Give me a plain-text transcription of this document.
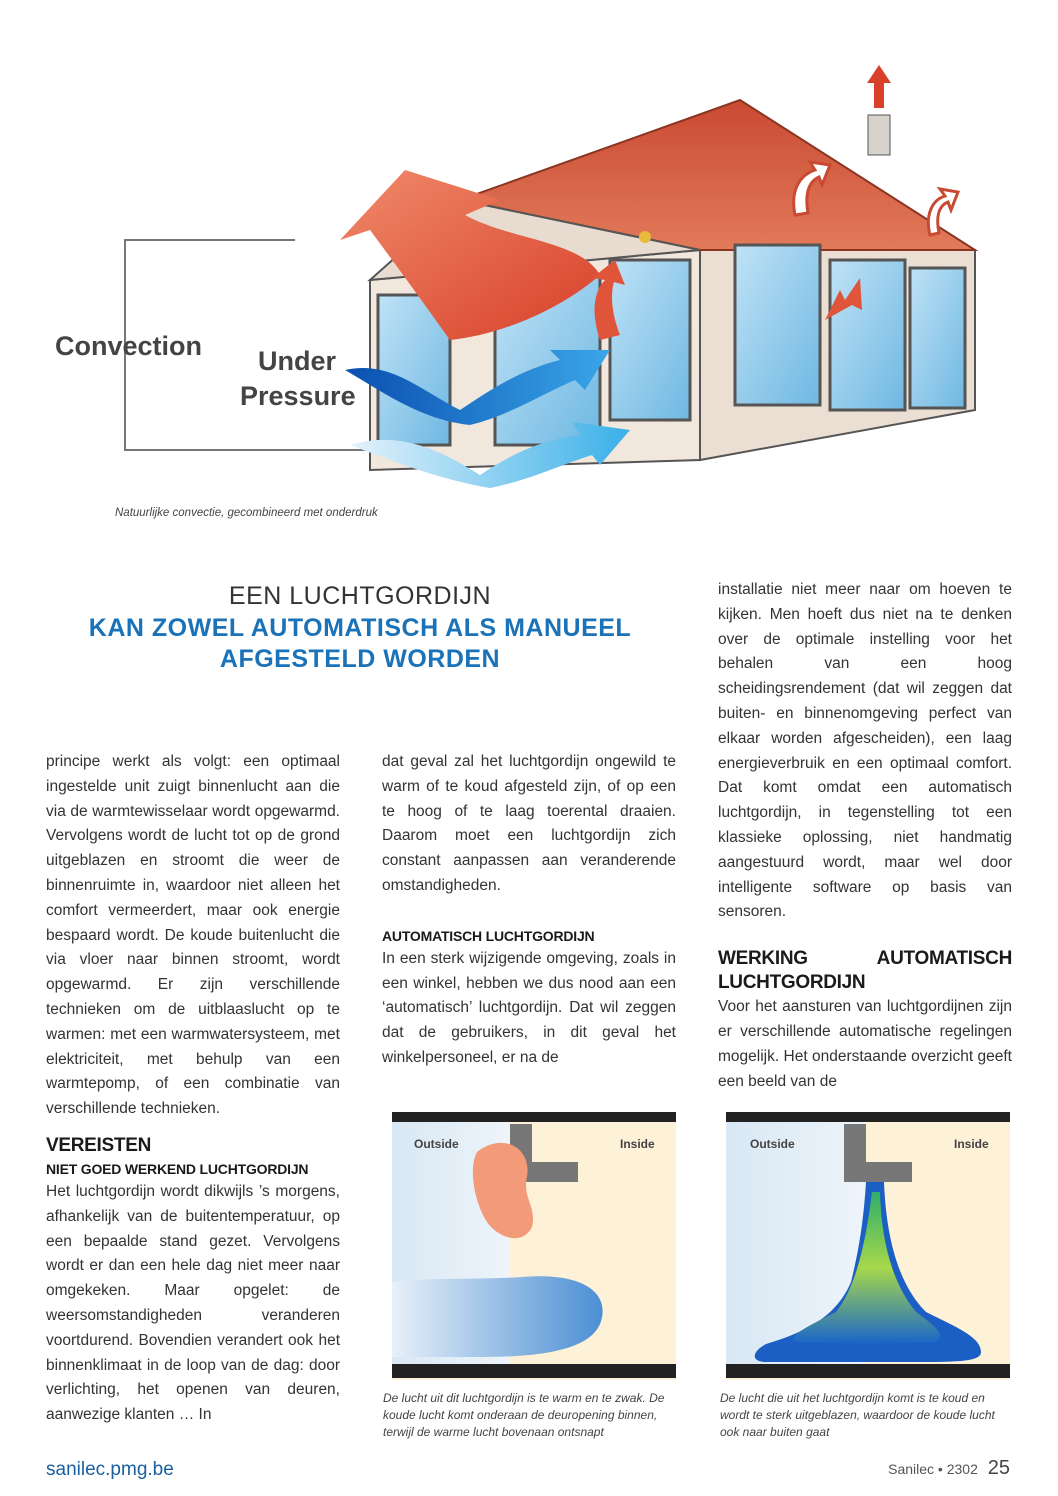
Convection Under
Pressure
Natuurlijke convectie, gecombineerd met onderdruk
EEN LUCHTGORDIJN
KAN ZOWEL AUTOMATISCH ALS MANUEEL
AFGESTELD WORDEN

principe werkt als volgt: een optimaal ingestelde unit zuigt binnenlucht aan die via de warmtewisselaar wordt opgewarmd. Vervolgens wordt de lucht tot op de grond uitgeblazen en stroomt die weer de binnenruimte in, waardoor niet alleen het comfort vermeerdert, maar ook energie bespaard wordt. De koude buitenlucht die via vloer naar binnen stroomt, wordt opgewarmd. Er zijn verschillende technieken om de uitblaaslucht op te warmen: met een warmwatersysteem, met elektriciteit, met behulp van een warmtepomp, of een combinatie van verschillende technieken.

VEREISTEN
NIET GOED WERKEND LUCHTGORDIJN

Het luchtgordijn wordt dikwijls ’s morgens, afhankelijk van de buitentemperatuur, op een bepaalde stand gezet. Vervolgens wordt er dan een hele dag niet meer naar omgekeken. Maar opgelet: de weersomstandigheden veranderen voortdurend. Bovendien verandert ook het binnenklimaat in de loop van de dag: door verlichting, het openen van deuren, aanwezige klanten … In

dat geval zal het luchtgordijn ongewild te warm of te koud afgesteld zijn, of op een te hoog of te laag toerental draaien. Daarom moet een luchtgordijn zich constant aanpassen aan veranderende omstandigheden.

AUTOMATISCH LUCHTGORDIJN

In een sterk wijzigende omgeving, zoals in een winkel, hebben we dus nood aan een ‘automatisch’ luchtgordijn. Dat wil zeggen dat de gebruikers, in dit geval het winkelpersoneel, er na de

installatie niet meer naar om hoeven te kijken. Men hoeft dus niet na te denken over de optimale instelling voor het behalen van een hoog scheidingsrendement (dat wil zeggen dat buiten- en binnenomgeving perfect van elkaar worden afgescheiden), een laag energieverbruik en een optimaal comfort. Dat komt omdat een automatisch luchtgordijn, in tegenstelling tot een klassieke oplossing, niet handmatig aangestuurd wordt, maar wel door intelligente software op basis van sensoren.

WERKING AUTOMATISCH LUCHTGORDIJN

Voor het aansturen van luchtgordijnen zijn er verschillende automatische regelingen mogelijk. Het onderstaande overzicht geeft een beeld van de

Outside	Inside
De lucht uit dit luchtgordijn is te warm en te zwak. De koude lucht komt onderaan de deuropening binnen, terwijl de warme lucht bovenaan ontsnapt
Outside	Inside
De lucht die uit het luchtgordijn komt is te koud en wordt te sterk uitgeblazen, waardoor de koude lucht ook naar buiten gaat
sanilec.pmg.be	Sanilec • 2302 25
